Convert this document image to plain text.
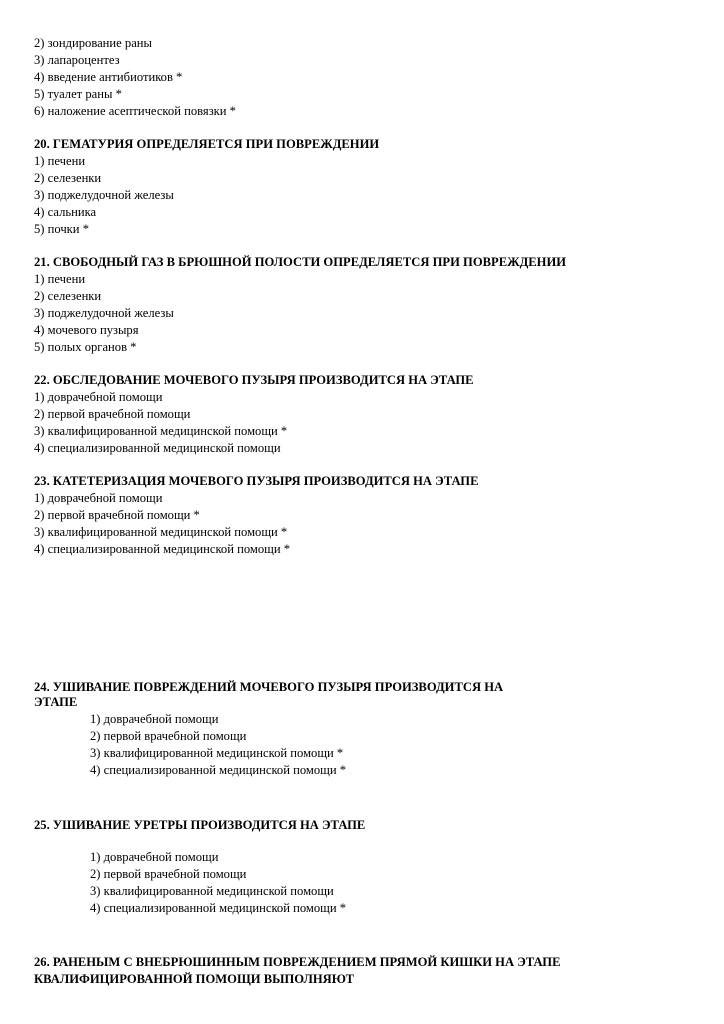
2) зондирование раны
3) лапароцентез
4) введение антибиотиков *
5) туалет раны *
6) наложение асептической повязки *
20. ГЕМАТУРИЯ ОПРЕДЕЛЯЕТСЯ ПРИ ПОВРЕЖДЕНИИ
1) печени
2) селезенки
3) поджелудочной железы
4) сальника
5) почки *
21. СВОБОДНЫЙ ГАЗ В БРЮШНОЙ ПОЛОСТИ ОПРЕДЕЛЯЕТСЯ ПРИ ПОВРЕЖДЕНИИ
1) печени
2) селезенки
3) поджелудочной железы
4) мочевого пузыря
5) полых органов *
22. ОБСЛЕДОВАНИЕ МОЧЕВОГО ПУЗЫРЯ ПРОИЗВОДИТСЯ НА ЭТАПЕ
1) доврачебной помощи
2) первой врачебной помощи
3) квалифицированной медицинской помощи *
4) специализированной медицинской помощи
23. КАТЕТЕРИЗАЦИЯ МОЧЕВОГО ПУЗЫРЯ ПРОИЗВОДИТСЯ НА ЭТАПЕ
1) доврачебной помощи
2) первой врачебной помощи *
3) квалифицированной медицинской помощи *
4) специализированной медицинской помощи *
24. УШИВАНИЕ ПОВРЕЖДЕНИЙ МОЧЕВОГО ПУЗЫРЯ ПРОИЗВОДИТСЯ НА
ЭТАПЕ
1) доврачебной помощи
2) первой врачебной помощи
3) квалифицированной медицинской помощи *
4) специализированной медицинской помощи *
25. УШИВАНИЕ УРЕТРЫ ПРОИЗВОДИТСЯ НА ЭТАПЕ
1) доврачебной помощи
2) первой врачебной помощи
3) квалифицированной медицинской помощи
4) специализированной медицинской помощи *
26. РАНЕНЫМ С ВНЕБРЮШИННЫМ ПОВРЕЖДЕНИЕМ ПРЯМОЙ КИШКИ НА ЭТАПЕ
КВАЛИФИЦИРОВАННОЙ ПОМОЩИ ВЫПОЛНЯЮТ
